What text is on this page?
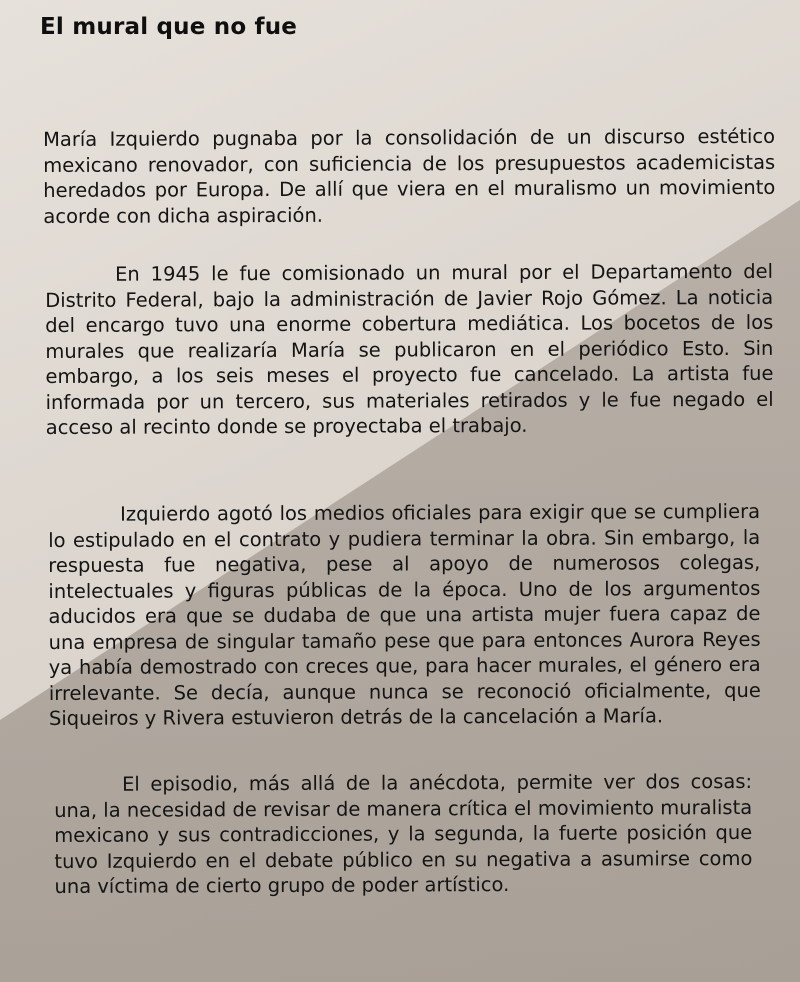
El mural que no fue

María Izquierdo pugnaba por la consolidación de un discurso estético mexicano renovador, con suficiencia de los presupuestos academicistas heredados por Europa. De allí que viera en el muralismo un movimiento acorde con dicha aspiración.

En 1945 le fue comisionado un mural por el Departamento del Distrito Federal, bajo la administración de Javier Rojo Gómez. La noticia del encargo tuvo una enorme cobertura mediática. Los bocetos de los murales que realizaría María se publicaron en el periódico Esto. Sin embargo, a los seis meses el proyecto fue cancelado. La artista fue informada por un tercero, sus materiales retirados y le fue negado el acceso al recinto donde se proyectaba el trabajo.

Izquierdo agotó los medios oficiales para exigir que se cumpliera lo estipulado en el contrato y pudiera terminar la obra. Sin embargo, la respuesta fue negativa, pese al apoyo de numerosos colegas, intelectuales y figuras públicas de la época. Uno de los argumentos aducidos era que se dudaba de que una artista mujer fuera capaz de una empresa de singular tamaño pese que para entonces Aurora Reyes ya había demostrado con creces que, para hacer murales, el género era irrelevante. Se decía, aunque nunca se reconoció oficialmente, que Siqueiros y Rivera estuvieron detrás de la cancelación a María.

El episodio, más allá de la anécdota, permite ver dos cosas: una, la necesidad de revisar de manera crítica el movimiento muralista mexicano y sus contradicciones, y la segunda, la fuerte posición que tuvo Izquierdo en el debate público en su negativa a asumirse como una víctima de cierto grupo de poder artístico.
